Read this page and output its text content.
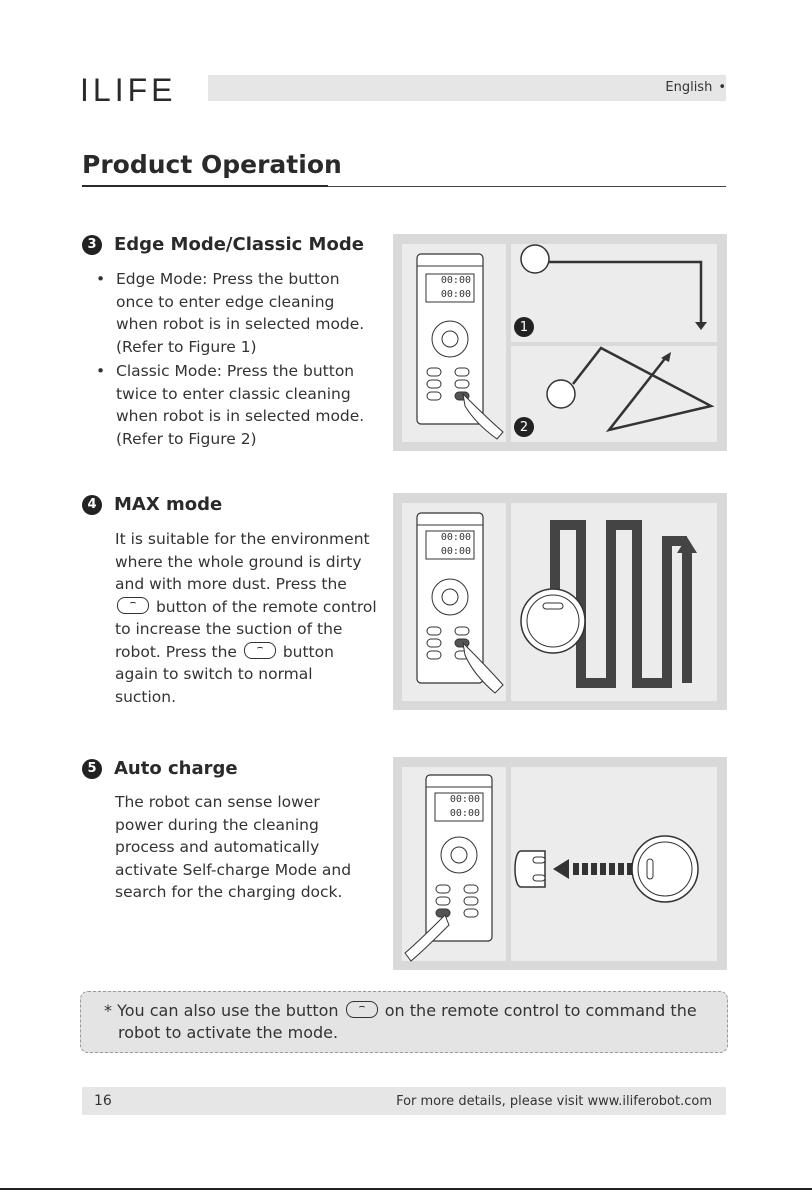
ILIFE	English •
Product Operation
3 Edge Mode/Classic Mode
• Edge Mode: Press the button
once to enter edge cleaning
when robot is in selected mode.
(Refer to Figure 1)
• Classic Mode: Press the button
twice to enter classic cleaning
when robot is in selected mode.
(Refer to Figure 2)
1
2
00:00
00:00
4 MAX mode
It is suitable for the environment
where the whole ground is dirty
and with more dust. Press the
button of the remote control
to increase the suction of the
robot. Press the	button
again to switch to normal
suction.
00:00
00:00
5 Auto charge
The robot can sense lower
power during the cleaning
process and automatically
activate Self-charge Mode and
search for the charging dock.
00:00
00:00
* You can also use the button	on the remote control to command the
robot to activate the mode.
16	For more details, please visit www.iliferobot.com
